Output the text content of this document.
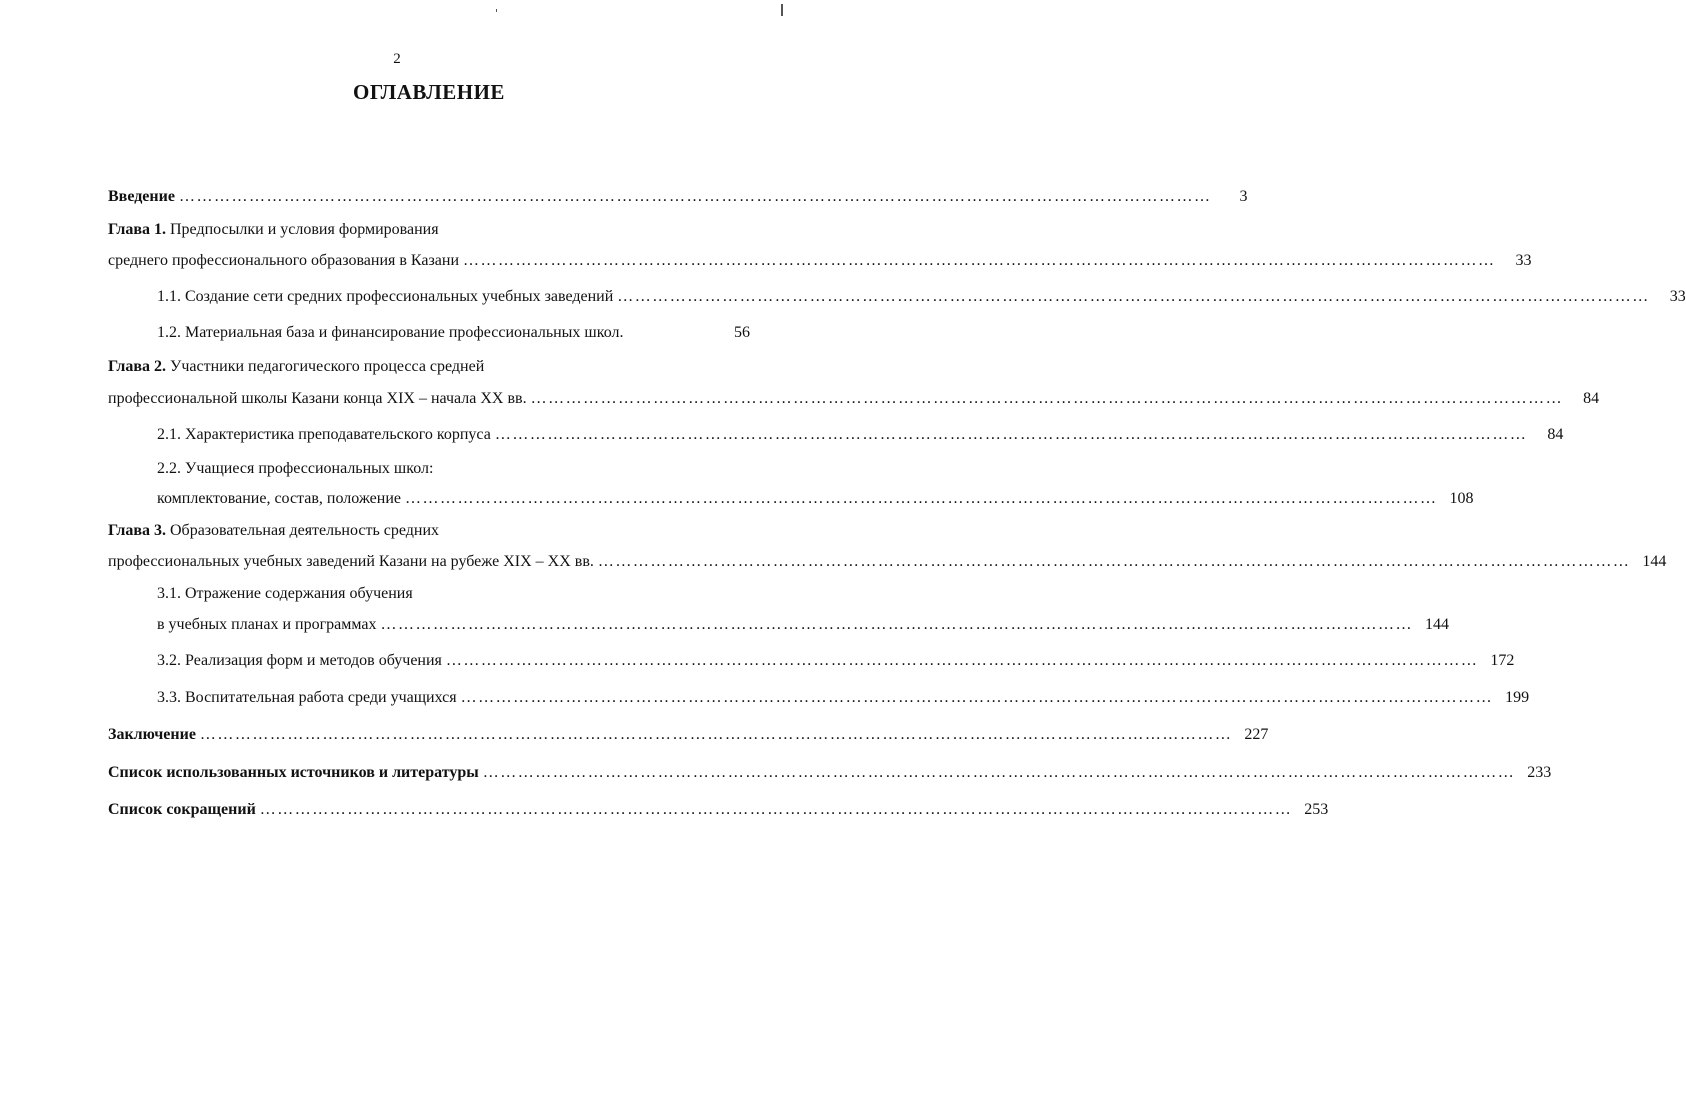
2
ОГЛАВЛЕНИЕ
Введение ……………………………………………………………………………………………………………………………………………………………	3
Глава 1. Предпосылки и условия формирования
среднего профессионального образования в Казани ……………………………………………………………………………………………………………………………………………………………	33
1.1. Создание сети средних профессиональных учебных заведений ……………………………………………………………………………………………………………………………………………………………	33
1.2. Материальная база и финансирование профессиональных школ.	56
Глава 2. Участники педагогического процесса средней
профессиональной школы Казани конца XIX – начала XX вв. ……………………………………………………………………………………………………………………………………………………………	84
2.1. Характеристика преподавательского корпуса ……………………………………………………………………………………………………………………………………………………………	84
2.2. Учащиеся профессиональных школ:
комплектование, состав, положение …………………………………………………………………………………………………………………………………………………………… 108
Глава 3. Образовательная деятельность средних
профессиональных учебных заведений Казани на рубеже XIX – XX вв. …………………………………………………………………………………………………………………………………………………………… 144
3.1. Отражение содержания обучения
в учебных планах и программах …………………………………………………………………………………………………………………………………………………………… 144
3.2. Реализация форм и методов обучения …………………………………………………………………………………………………………………………………………………………… 172
3.3. Воспитательная работа среди учащихся …………………………………………………………………………………………………………………………………………………………… 199
Заключение …………………………………………………………………………………………………………………………………………………………… 227
Список использованных источников и литературы …………………………………………………………………………………………………………………………………………………………… 233
Список сокращений …………………………………………………………………………………………………………………………………………………………… 253
